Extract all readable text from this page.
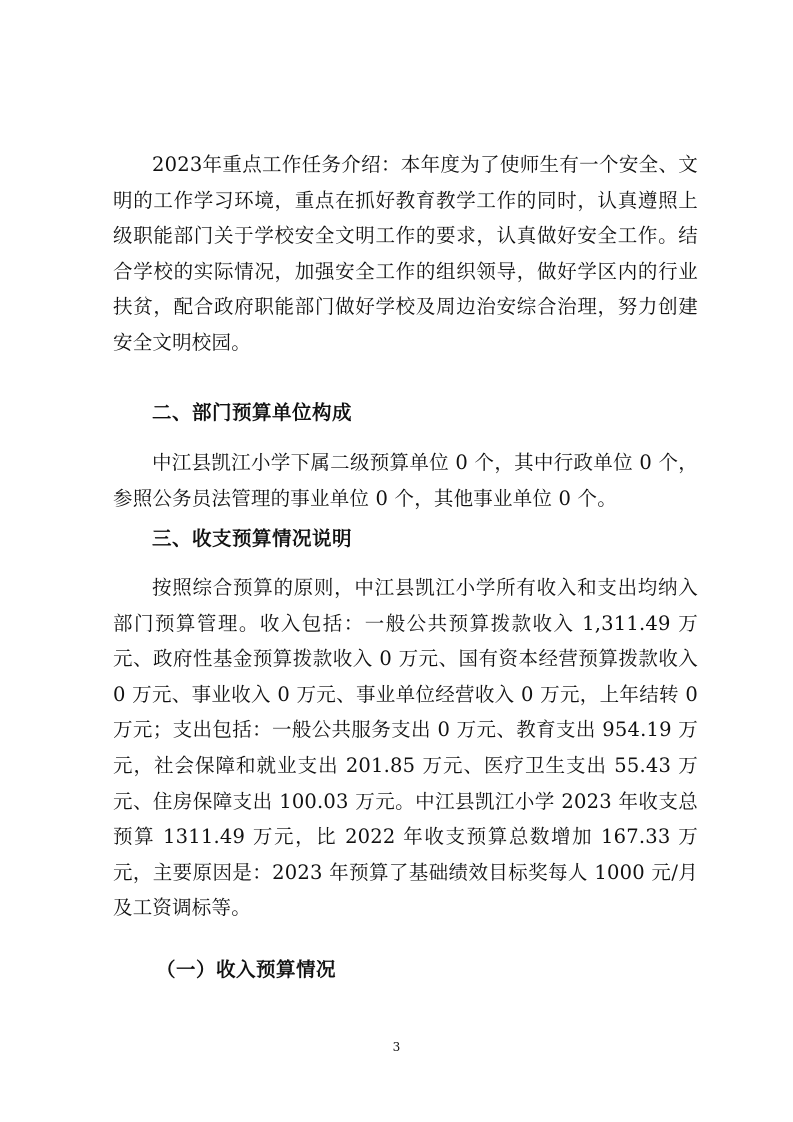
2023年重点工作任务介绍：本年度为了使师生有一个安全、文明的工作学习环境，重点在抓好教育教学工作的同时，认真遵照上级职能部门关于学校安全文明工作的要求，认真做好安全工作。结合学校的实际情况，加强安全工作的组织领导，做好学区内的行业扶贫，配合政府职能部门做好学校及周边治安综合治理，努力创建安全文明校园。

二、部门预算单位构成

中江县凯江小学下属二级预算单位 0 个，其中行政单位 0 个，参照公务员法管理的事业单位 0 个，其他事业单位 0 个。

三、收支预算情况说明

按照综合预算的原则，中江县凯江小学所有收入和支出均纳入部门预算管理。收入包括：一般公共预算拨款收入 1,311.49 万元、政府性基金预算拨款收入 0 万元、国有资本经营预算拨款收入 0 万元、事业收入 0 万元、事业单位经营收入 0 万元，上年结转 0 万元；支出包括：一般公共服务支出 0 万元、教育支出 954.19 万元，社会保障和就业支出 201.85 万元、医疗卫生支出 55.43 万元、住房保障支出 100.03 万元。中江县凯江小学 2023 年收支总预算 1311.49 万元，比 2022 年收支预算总数增加 167.33 万元，主要原因是：2023 年预算了基础绩效目标奖每人 1000 元/月及工资调标等。

（一）收入预算情况
3
